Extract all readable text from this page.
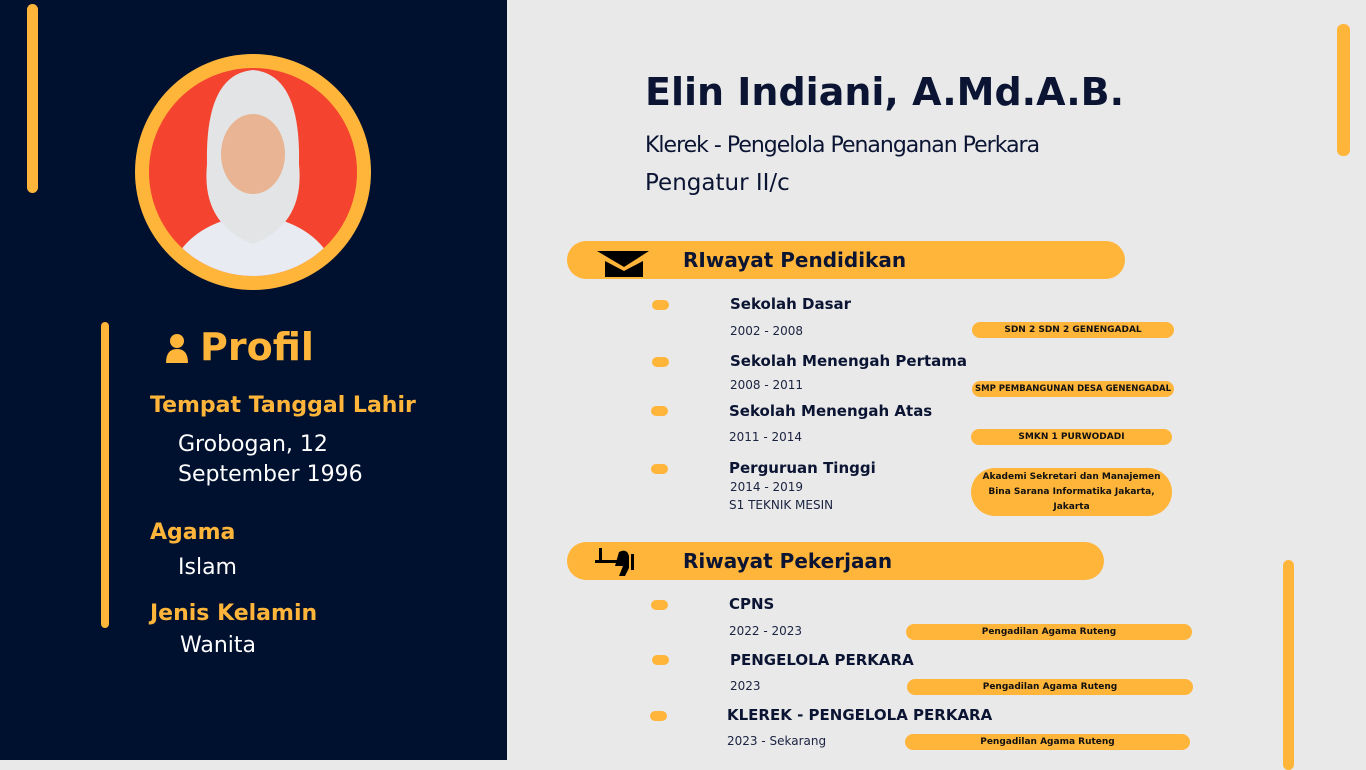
Profil
Tempat Tanggal Lahir
Grobogan, 12
September 1996
Agama
Islam
Jenis Kelamin
Wanita
Elin Indiani, A.Md.A.B.
Klerek - Pengelola Penanganan Perkara
Pengatur II/c
RIwayat Pendidikan
Sekolah Dasar
2002 - 2008	SDN 2 SDN 2 GENENGADAL
Sekolah Menengah Pertama
2008 - 2011	SMP PEMBANGUNAN DESA GENENGADAL
Sekolah Menengah Atas
2011 - 2014	SMKN 1 PURWODADI
Perguruan Tinggi
2014 - 2019
S1 TEKNIK MESIN
Akademi Sekretari dan Manajemen Bina Sarana Informatika Jakarta, Jakarta
Riwayat Pekerjaan
CPNS
2022 - 2023	Pengadilan Agama Ruteng
PENGELOLA PERKARA
2023	Pengadilan Agama Ruteng
KLEREK - PENGELOLA PERKARA
2023 - Sekarang	Pengadilan Agama Ruteng
